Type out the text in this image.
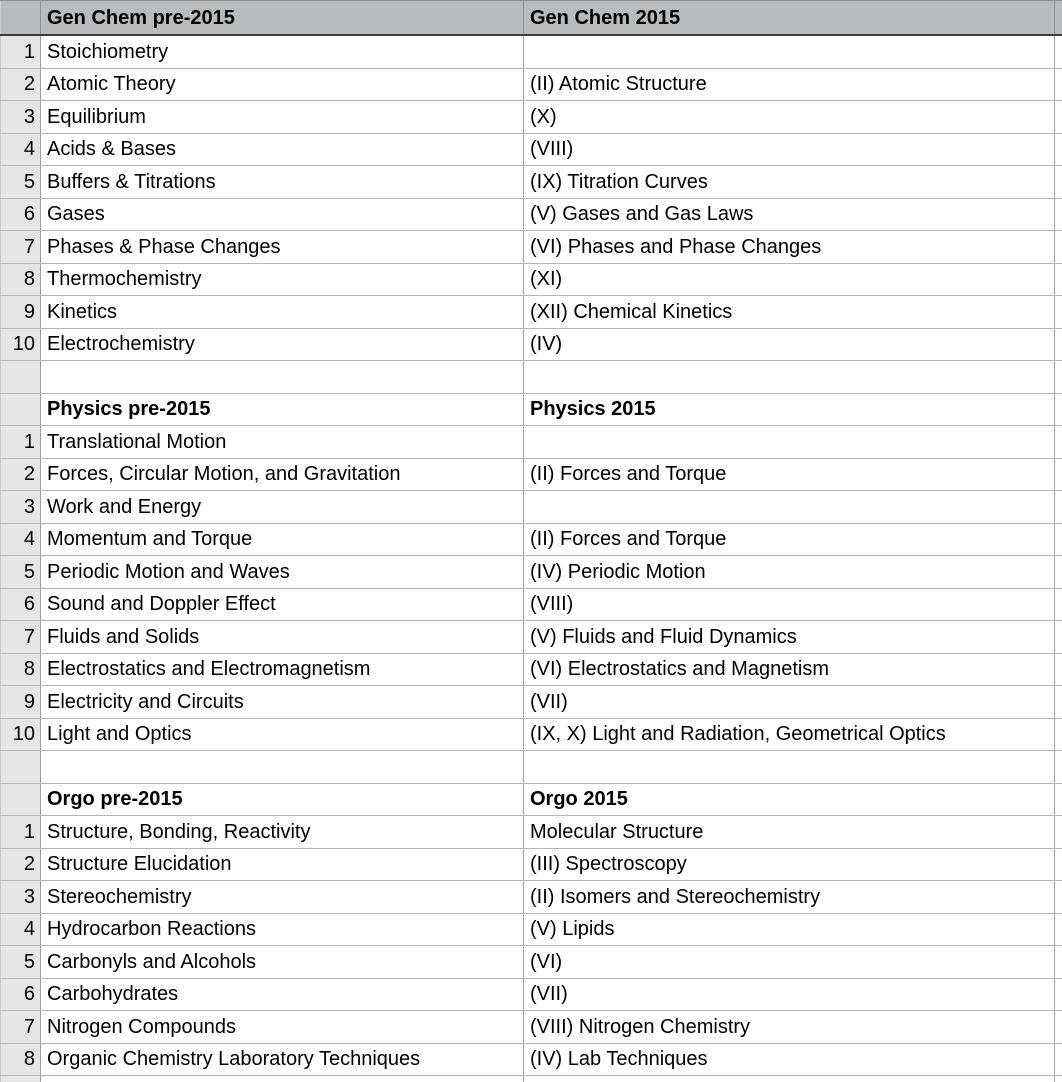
Gen Chem pre-2015	Gen Chem 2015
1 Stoichiometry
2 Atomic Theory	(II) Atomic Structure
3 Equilibrium	(X)
4 Acids & Bases	(VIII)
5 Buffers & Titrations	(IX) Titration Curves
6 Gases	(V) Gases and Gas Laws
7 Phases & Phase Changes	(VI) Phases and Phase Changes
8 Thermochemistry	(XI)
9 Kinetics	(XII) Chemical Kinetics
10 Electrochemistry	(IV)
Physics pre-2015	Physics 2015
1 Translational Motion
2 Forces, Circular Motion, and Gravitation	(II) Forces and Torque
3 Work and Energy
4 Momentum and Torque	(II) Forces and Torque
5 Periodic Motion and Waves	(IV) Periodic Motion
6 Sound and Doppler Effect	(VIII)
7 Fluids and Solids	(V) Fluids and Fluid Dynamics
8 Electrostatics and Electromagnetism	(VI) Electrostatics and Magnetism
9 Electricity and Circuits	(VII)
10 Light and Optics	(IX, X) Light and Radiation, Geometrical Optics
Orgo pre-2015	Orgo 2015
1 Structure, Bonding, Reactivity	Molecular Structure
2 Structure Elucidation	(III) Spectroscopy
3 Stereochemistry	(II) Isomers and Stereochemistry
4 Hydrocarbon Reactions	(V) Lipids
5 Carbonyls and Alcohols	(VI)
6 Carbohydrates	(VII)
7 Nitrogen Compounds	(VIII) Nitrogen Chemistry
8 Organic Chemistry Laboratory Techniques	(IV) Lab Techniques
